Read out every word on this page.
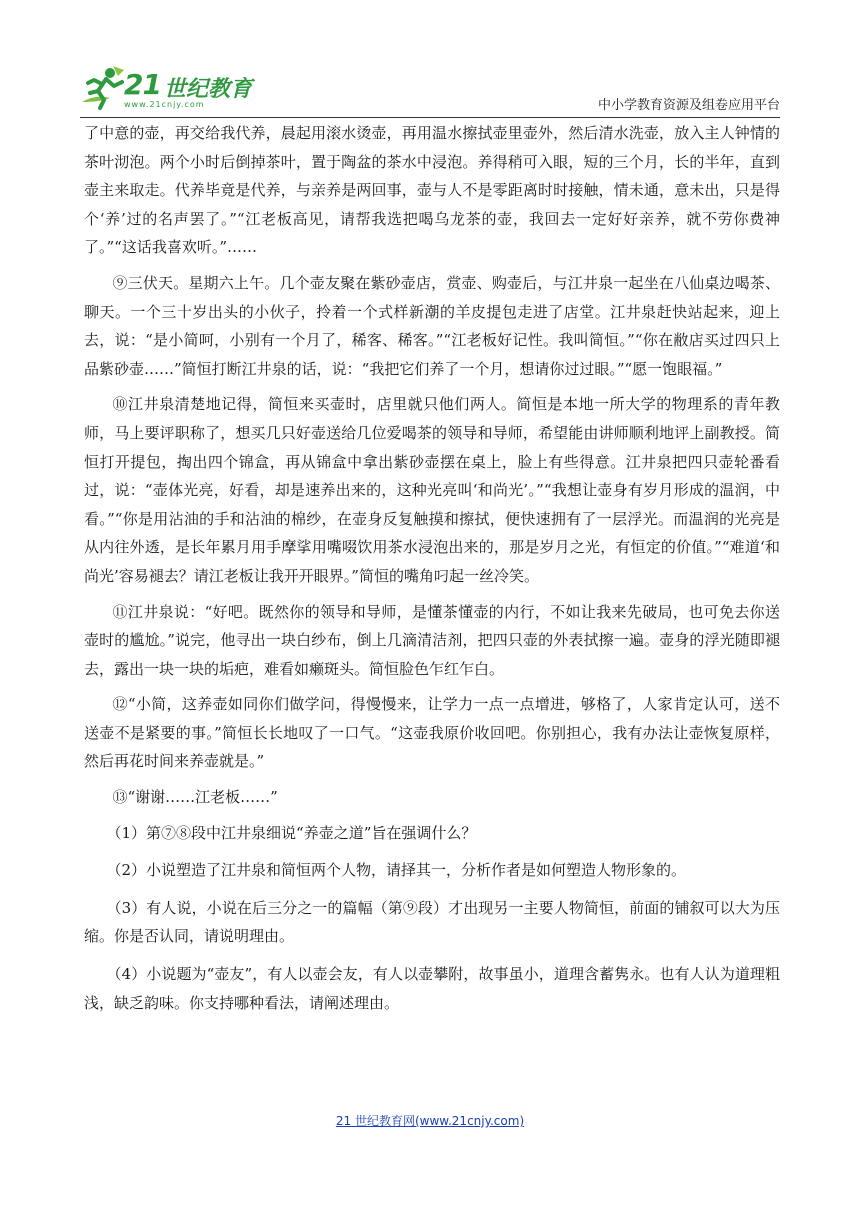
21 世纪教育
www.21cnjy.com	中小学教育资源及组卷应用平台

了中意的壶，再交给我代养，晨起用滚水烫壶，再用温水擦拭壶里壶外，然后清水洗壶，放入主人钟情的茶叶沏泡。两个小时后倒掉茶叶，置于陶盆的茶水中浸泡。养得稍可入眼，短的三个月，长的半年，直到壶主来取走。代养毕竟是代养，与亲养是两回事，壶与人不是零距离时时接触，情未通，意未出，只是得个‘养’过的名声罢了。”“江老板高见，请帮我选把喝乌龙茶的壶，我回去一定好好亲养，就不劳你费神了。”“这话我喜欢听。”……

⑨三伏天。星期六上午。几个壶友聚在紫砂壶店，赏壶、购壶后，与江井泉一起坐在八仙桌边喝茶、聊天。一个三十岁出头的小伙子，拎着一个式样新潮的羊皮提包走进了店堂。江井泉赶快站起来，迎上去，说：“是小简呵，小别有一个月了，稀客、稀客。”“江老板好记性。我叫简恒。”“你在敝店买过四只上品紫砂壶……”简恒打断江井泉的话，说：“我把它们养了一个月，想请你过过眼。”“愿一饱眼福。”

⑩江井泉清楚地记得，简恒来买壶时，店里就只他们两人。简恒是本地一所大学的物理系的青年教师，马上要评职称了，想买几只好壶送给几位爱喝茶的领导和导师，希望能由讲师顺利地评上副教授。简恒打开提包，掏出四个锦盒，再从锦盒中拿出紫砂壶摆在桌上，脸上有些得意。江井泉把四只壶轮番看过，说：“壶体光亮，好看，却是速养出来的，这种光亮叫‘和尚光’。”“我想让壶身有岁月形成的温润，中看。”“你是用沾油的手和沾油的棉纱，在壶身反复触摸和擦拭，便快速拥有了一层浮光。而温润的光亮是从内往外透，是长年累月用手摩挲用嘴啜饮用茶水浸泡出来的，那是岁月之光，有恒定的价值。”“难道‘和尚光’容易褪去？请江老板让我开开眼界。”简恒的嘴角叼起一丝冷笑。

⑪江井泉说：“好吧。既然你的领导和导师，是懂茶懂壶的内行，不如让我来先破局，也可免去你送壶时的尴尬。”说完，他寻出一块白纱布，倒上几滴清洁剂，把四只壶的外表拭擦一遍。壶身的浮光随即褪去，露出一块一块的垢疤，难看如癞斑头。简恒脸色乍红乍白。

⑫“小简，这养壶如同你们做学问，得慢慢来，让学力一点一点增进，够格了，人家肯定认可，送不送壶不是紧要的事。”简恒长长地叹了一口气。“这壶我原价收回吧。你别担心，我有办法让壶恢复原样，然后再花时间来养壶就是。”

⑬“谢谢……江老板……”

（1）第⑦⑧段中江井泉细说“养壶之道”旨在强调什么？

（2）小说塑造了江井泉和简恒两个人物，请择其一，分析作者是如何塑造人物形象的。

（3）有人说，小说在后三分之一的篇幅（第⑨段）才出现另一主要人物简恒，前面的铺叙可以大为压缩。你是否认同，请说明理由。

（4）小说题为“壶友”，有人以壶会友，有人以壶攀附，故事虽小，道理含蓄隽永。也有人认为道理粗浅，缺乏韵味。你支持哪种看法，请阐述理由。

21 世纪教育网(www.21cnjy.com)
